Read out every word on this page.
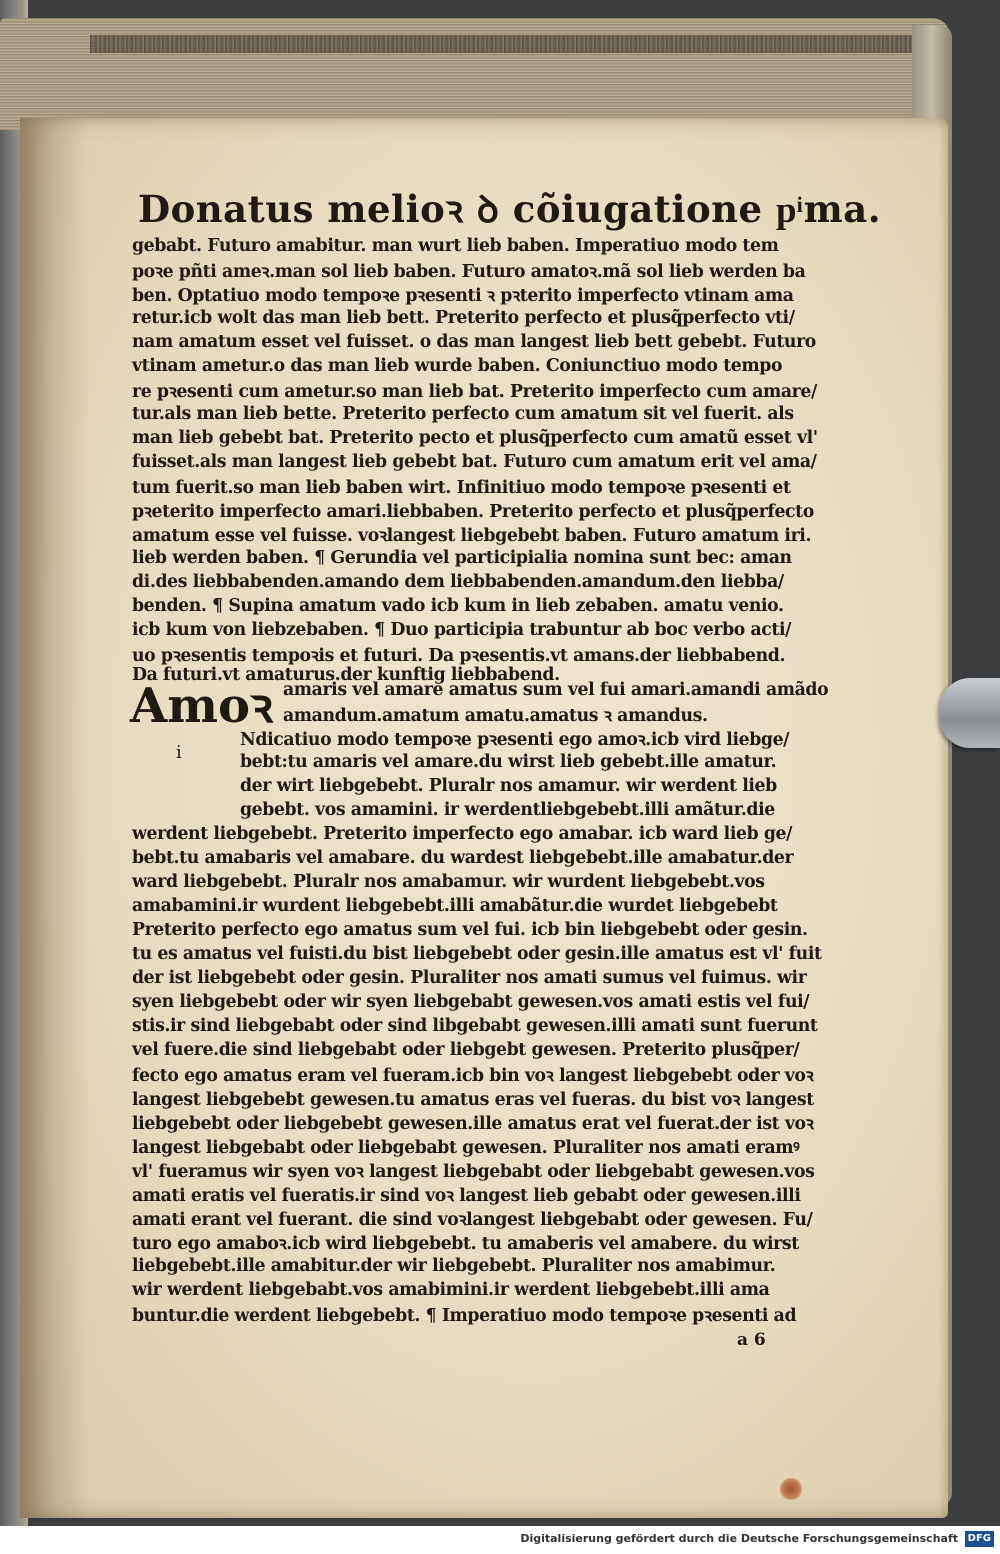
Donatus melioꝛ ꝺ cõiugatione pͥma.

gebabt. Futuro amabitur. man wurt lieb baben. Imperatiuo modo tem

poꝛe pñti ameꝛ.man sol lieb baben. Futuro amatoꝛ.mã sol lieb werden ba

ben. Optatiuo modo tempoꝛe pꝛesenti ꝛ pꝛterito imperfecto vtinam ama

retur.icb wolt das man lieb bett. Preterito perfecto et plusq̃perfecto vti/

nam amatum esset vel fuisset. o das man langest lieb bett gebebt. Futuro

vtinam ametur.o das man lieb wurde baben. Coniunctiuo modo tempo

re pꝛesenti cum ametur.so man lieb bat. Preterito imperfecto cum amare/

tur.als man lieb bette. Preterito perfecto cum amatum sit vel fuerit. als

man lieb gebebt bat. Preterito pecto et plusq̃perfecto cum amatũ esset vl'

fuisset.als man langest lieb gebebt bat. Futuro cum amatum erit vel ama/

tum fuerit.so man lieb baben wirt. Infinitiuo modo tempoꝛe pꝛesenti et

pꝛeterito imperfecto amari.liebbaben. Preterito perfecto et plusq̃perfecto

amatum esse vel fuisse. voꝛlangest liebgebebt baben. Futuro amatum iri.

lieb werden baben. ¶ Gerundia vel participialia nomina sunt bec: aman

di.des liebbabenden.amando dem liebbabenden.amandum.den liebba/

benden. ¶ Supina amatum vado icb kum in lieb zebaben. amatu venio.

icb kum von liebzebaben. ¶ Duo participia trabuntur ab boc verbo acti/

uo pꝛesentis tempoꝛis et futuri. Da pꝛesentis.vt amans.der liebbabend.

Da futuri.vt amaturus.der kunftig liebbabend.

Amoꝛ amaris vel amare amatus sum vel fui amari.amandi amãdo

amandum.amatum amatu.amatus ꝛ amandus.

i

Ndicatiuo modo tempoꝛe pꝛesenti ego amoꝛ.icb vird liebge/

bebt:tu amaris vel amare.du wirst lieb gebebt.ille amatur.

der wirt liebgebebt. Pluralr nos amamur. wir werdent lieb

gebebt. vos amamini. ir werdentliebgebebt.illi amãtur.die

werdent liebgebebt. Preterito imperfecto ego amabar. icb ward lieb ge/

bebt.tu amabaris vel amabare. du wardest liebgebebt.ille amabatur.der

ward liebgebebt. Pluralr nos amabamur. wir wurdent liebgebebt.vos

amabamini.ir wurdent liebgebebt.illi amabãtur.die wurdet liebgebebt

Preterito perfecto ego amatus sum vel fui. icb bin liebgebebt oder gesin.

tu es amatus vel fuisti.du bist liebgebebt oder gesin.ille amatus est vl' fuit

der ist liebgebebt oder gesin. Pluraliter nos amati sumus vel fuimus. wir

syen liebgebebt oder wir syen liebgebabt gewesen.vos amati estis vel fui/

stis.ir sind liebgebabt oder sind libgebabt gewesen.illi amati sunt fuerunt

vel fuere.die sind liebgebabt oder liebgebt gewesen. Preterito plusq̃per/

fecto ego amatus eram vel fueram.icb bin voꝛ langest liebgebebt oder voꝛ

langest liebgebebt gewesen.tu amatus eras vel fueras. du bist voꝛ langest

liebgebebt oder liebgebebt gewesen.ille amatus erat vel fuerat.der ist voꝛ

langest liebgebabt oder liebgebabt gewesen. Pluraliter nos amati eramꝰ

vl' fueramus wir syen voꝛ langest liebgebabt oder liebgebabt gewesen.vos

amati eratis vel fueratis.ir sind voꝛ langest lieb gebabt oder gewesen.illi

amati erant vel fuerant. die sind voꝛlangest liebgebabt oder gewesen. Fu/

turo ego amaboꝛ.icb wird liebgebebt. tu amaberis vel amabere. du wirst

liebgebebt.ille amabitur.der wir liebgebebt. Pluraliter nos amabimur.

wir werdent liebgebabt.vos amabimini.ir werdent liebgebebt.illi ama

buntur.die werdent liebgebebt. ¶ Imperatiuo modo tempoꝛe pꝛesenti ad

a 6

Digitalisierung gefördert durch die Deutsche Forschungsgemeinschaft DFG
